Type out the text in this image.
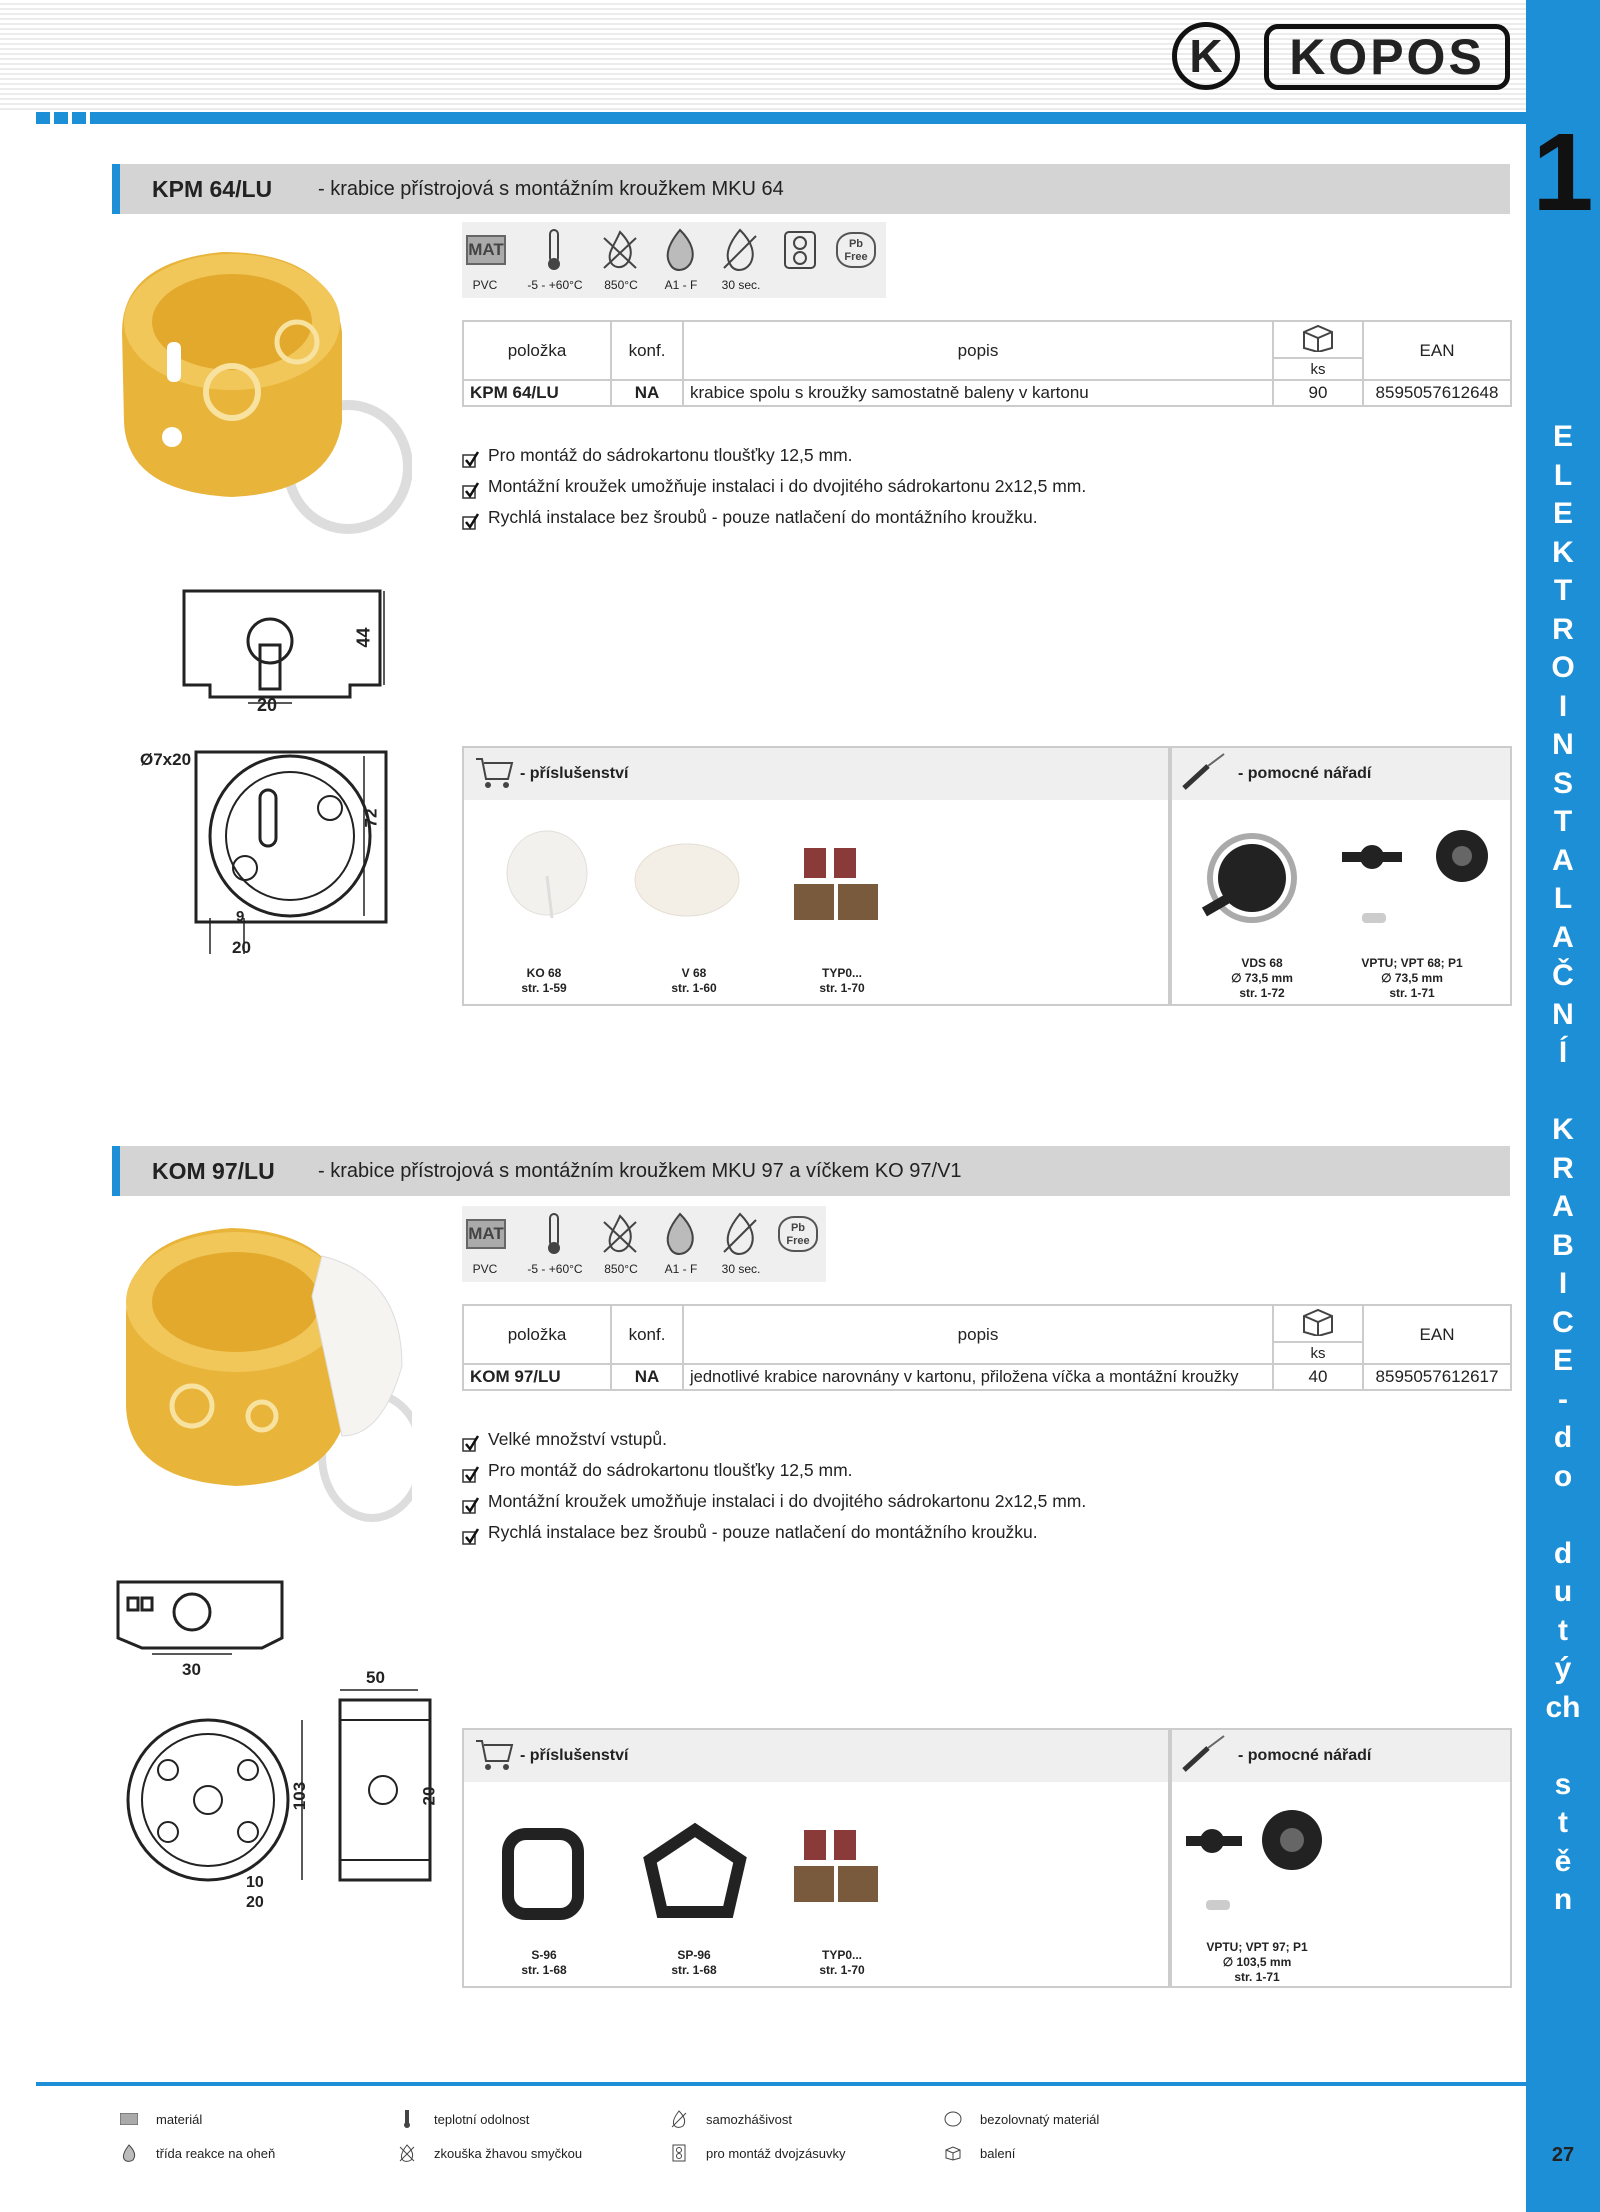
K	KOPOS
1
E
L
E
K
T
R
O
I
N
S
T
A
L
A
Č
N
Í
K
R
A
B
I
C
E
-
d
o
d
u
t
ý
ch
s
t
ě
n
27
KPM 64/LU	- krabice přístrojová s montážním kroužkem MKU 64
MAT	Pb Free
PVC	-5 - +60°C	850°C	A1 - F	30 sec.
položka	konf.	popis		EAN
			ks	
KPM 64/LU	NA	krabice spolu s kroužky samostatně baleny v kartonu	90	8595057612648
Pro montáž do sádrokartonu tloušťky 12,5 mm.
Montážní kroužek umožňuje instalaci i do dvojitého sádrokartonu 2x12,5 mm.
Rychlá instalace bez šroubů - pouze natlačení do montážního kroužku.
44
20
Ø7x20
72
9
20
- příslušenství
KO 68
str. 1-59
V 68
str. 1-60
TYP0...
str. 1-70
- pomocné nářadí
VDS 68
∅ 73,5 mm
str. 1-72
VPTU; VPT 68; P1
∅ 73,5 mm
str. 1-71
KOM 97/LU	- krabice přístrojová s montážním kroužkem MKU 97 a víčkem KO 97/V1
MAT	Pb Free
PVC	-5 - +60°C	850°C	A1 - F	30 sec.
položka	konf.	popis		EAN
			ks	
KOM 97/LU	NA	jednotlivé krabice narovnány v kartonu, přiložena víčka a montážní kroužky	40	8595057612617
Velké množství vstupů.
Pro montáž do sádrokartonu tloušťky 12,5 mm.
Montážní kroužek umožňuje instalaci i do dvojitého sádrokartonu 2x12,5 mm.
Rychlá instalace bez šroubů - pouze natlačení do montážního kroužku.
30	50
103	20
10
20
- příslušenství
S-96
str. 1-68
SP-96
str. 1-68
TYP0...
str. 1-70
- pomocné nářadí
VPTU; VPT 97; P1
∅ 103,5 mm
str. 1-71
materiál	teplotní odolnost	samozhášivost	bezolovnatý materiál
třída reakce na oheň	zkouška žhavou smyčkou	pro montáž dvojzásuvky	balení
